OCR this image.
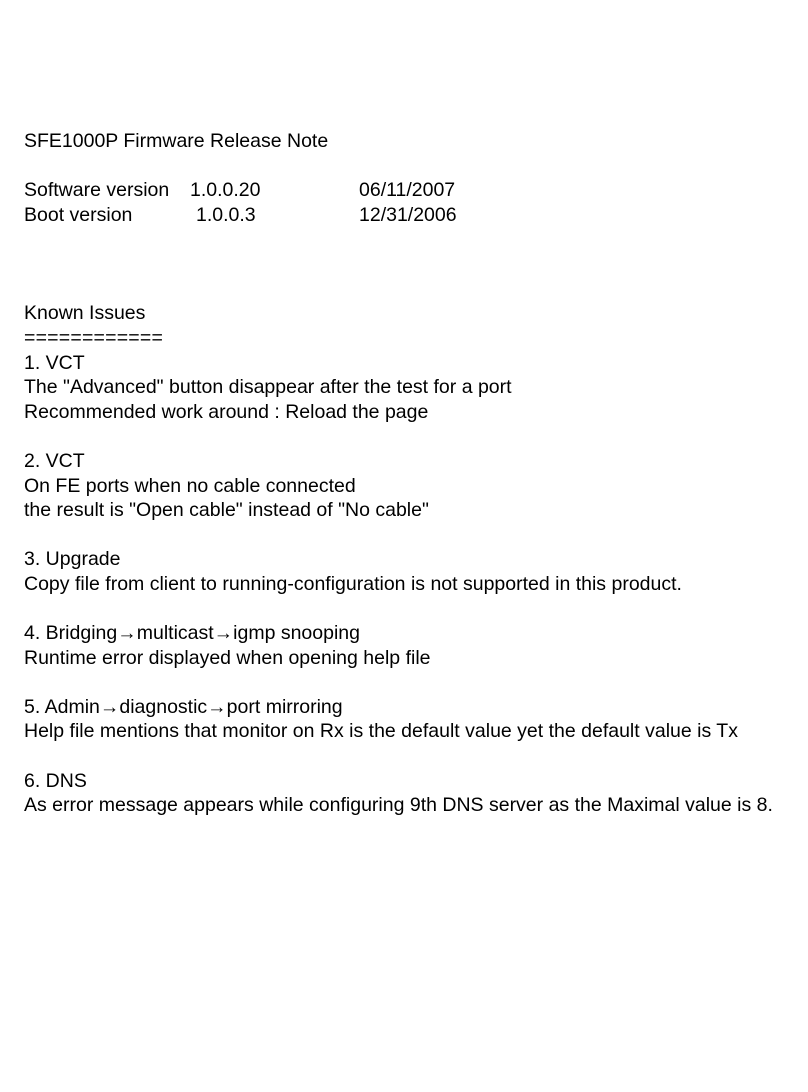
SFE1000P Firmware Release Note
Software version 1.0.0.20	06/11/2007
Boot version	1.0.0.3	12/31/2006
Known Issues
============
1. VCT
The "Advanced" button disappear after the test for a port
Recommended work around : Reload the page
2. VCT
On FE ports when no cable connected
the result is "Open cable" instead of "No cable"
3. Upgrade
Copy file from client to running-configuration is not supported in this product.
4. Bridging→multicast→igmp snooping
Runtime error displayed when opening help file
5. Admin→diagnostic→port mirroring
Help file mentions that monitor on Rx is the default value yet the default value is Tx
6. DNS
As error message appears while configuring 9th DNS server as the Maximal value is 8.
